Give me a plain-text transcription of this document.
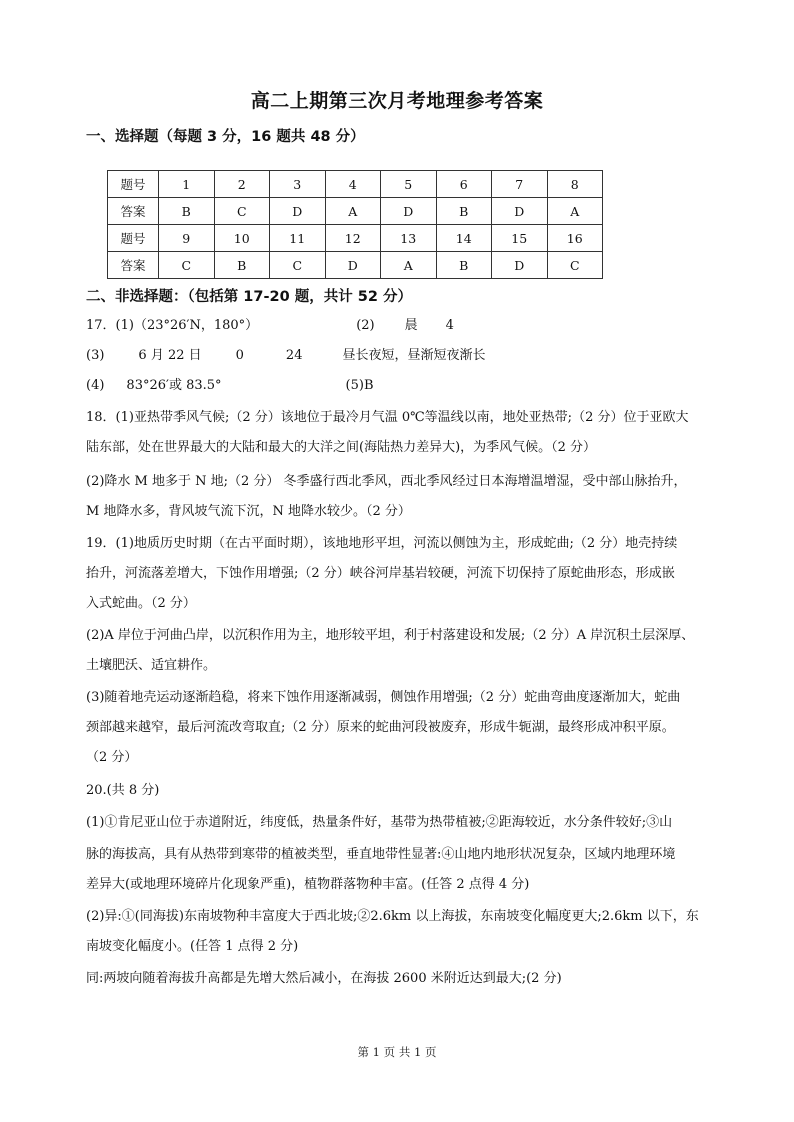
高二上期第三次月考地理参考答案
一、选择题（每题 3 分，16 题共 48 分）
题号	1	2	3	4	5	6	7	8
答案	B	C	D	A	D	B	D	A
题号	9	10	11	12	13	14	15	16
答案	C	B	C	D	A	B	D	C
二、非选择题：（包括第 17-20 题，共计 52 分）
17．(1)（23°26′N，180°）	(2) 晨 4
(3)	6 月 22 日	0	24	昼长夜短，昼渐短夜渐长
(4) 83°26′或 83.5°	(5)B
18．(1)亚热带季风气候;（2 分）该地位于最冷月气温 0℃等温线以南，地处亚热带;（2 分）位于亚欧大
陆东部，处在世界最大的大陆和最大的大洋之间(海陆热力差异大)，为季风气候。（2 分）
(2)降水 M 地多于 N 地;（2 分） 冬季盛行西北季风，西北季风经过日本海增温增湿，受中部山脉抬升，
M 地降水多，背风坡气流下沉，N 地降水较少。（2 分）
19．(1)地质历史时期（在古平面时期），该地地形平坦，河流以侧蚀为主，形成蛇曲;（2 分）地壳持续
抬升，河流落差增大，下蚀作用增强;（2 分）峡谷河岸基岩较硬，河流下切保持了原蛇曲形态，形成嵌
入式蛇曲。（2 分）
(2)A 岸位于河曲凸岸，以沉积作用为主，地形较平坦，利于村落建设和发展;（2 分）A 岸沉积土层深厚、
土壤肥沃、适宜耕作。
(3)随着地壳运动逐渐趋稳，将来下蚀作用逐渐减弱，侧蚀作用增强;（2 分）蛇曲弯曲度逐渐加大，蛇曲
颈部越来越窄，最后河流改弯取直;（2 分）原来的蛇曲河段被废弃，形成牛轭湖，最终形成冲积平原。
（2 分）
20.(共 8 分)
(1)①肯尼亚山位于赤道附近，纬度低，热量条件好，基带为热带植被;②距海较近，水分条件较好;③山
脉的海拔高，具有从热带到寒带的植被类型，垂直地带性显著:④山地内地形状况复杂，区域内地理环境
差异大(或地理环境碎片化现象严重)，植物群落物种丰富。(任答 2 点得 4 分)
(2)异:①(同海拔)东南坡物种丰富度大于西北坡;②2.6km 以上海拔，东南坡变化幅度更大;2.6km 以下，东
南坡变化幅度小。(任答 1 点得 2 分)
同:两坡向随着海拔升高都是先增大然后减小，在海拔 2600 米附近达到最大;(2 分)
第 1 页 共 1 页
